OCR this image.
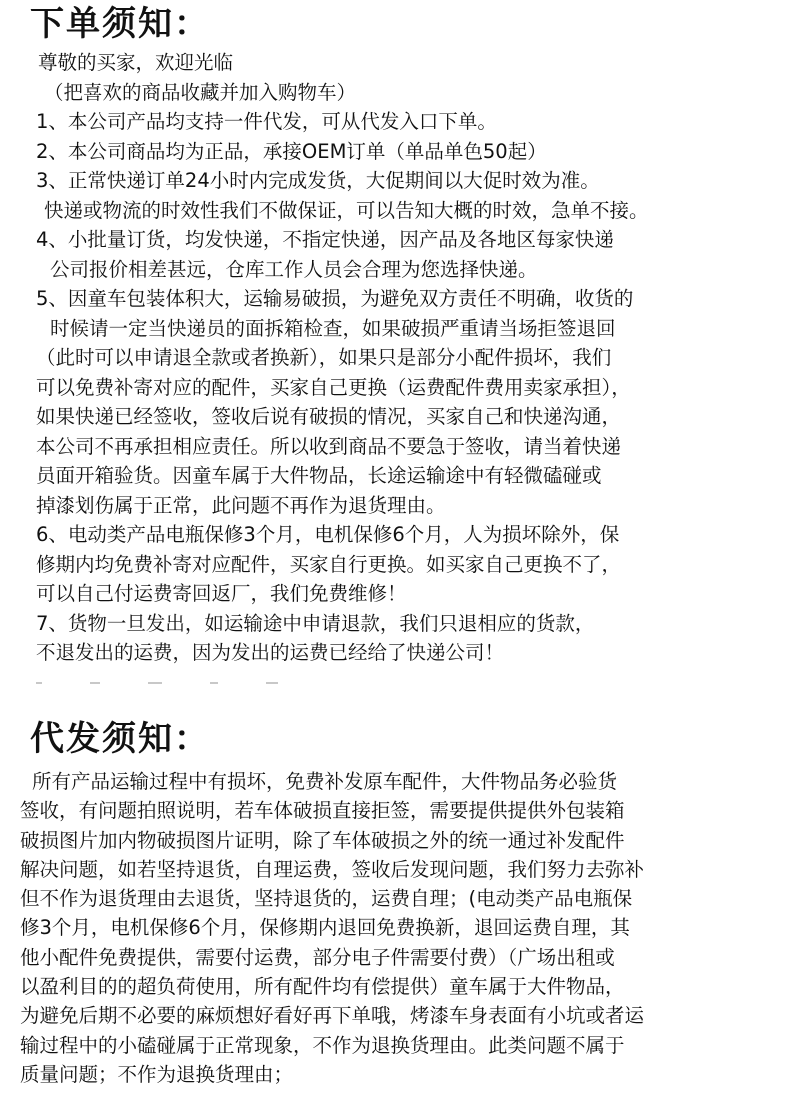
下单须知：
尊敬的买家，欢迎光临
（把喜欢的商品收藏并加入购物车）
1、本公司产品均支持一件代发，可从代发入口下单。
2、本公司商品均为正品，承接OEM订单（单品单色50起）
3、正常快递订单24小时内完成发货，大促期间以大促时效为准。
快递或物流的时效性我们不做保证，可以告知大概的时效，急单不接。
4、小批量订货，均发快递，不指定快递，因产品及各地区每家快递
公司报价相差甚远，仓库工作人员会合理为您选择快递。
5、因童车包装体积大，运输易破损，为避免双方责任不明确，收货的
时候请一定当快递员的面拆箱检查，如果破损严重请当场拒签退回
（此时可以申请退全款或者换新），如果只是部分小配件损坏，我们
可以免费补寄对应的配件，买家自己更换（运费配件费用卖家承担），
如果快递已经签收，签收后说有破损的情况，买家自己和快递沟通，
本公司不再承担相应责任。所以收到商品不要急于签收，请当着快递
员面开箱验货。因童车属于大件物品，长途运输途中有轻微磕碰或
掉漆划伤属于正常，此问题不再作为退货理由。
6、电动类产品电瓶保修3个月，电机保修6个月，人为损坏除外，保
修期内均免费补寄对应配件，买家自行更换。如买家自己更换不了，
可以自己付运费寄回返厂，我们免费维修！
7、货物一旦发出，如运输途中申请退款，我们只退相应的货款，
不退发出的运费，因为发出的运费已经给了快递公司！
代发须知：
所有产品运输过程中有损坏，免费补发原车配件，大件物品务必验货
签收，有问题拍照说明，若车体破损直接拒签，需要提供提供外包装箱
破损图片加内物破损图片证明，除了车体破损之外的统一通过补发配件
解决问题，如若坚持退货，自理运费，签收后发现问题，我们努力去弥补
但不作为退货理由去退货，坚持退货的，运费自理；(电动类产品电瓶保
修3个月，电机保修6个月，保修期内退回免费换新，退回运费自理，其
他小配件免费提供，需要付运费，部分电子件需要付费）（广场出租或
以盈利目的的超负荷使用，所有配件均有偿提供）童车属于大件物品，
为避免后期不必要的麻烦想好看好再下单哦，烤漆车身表面有小坑或者运
输过程中的小磕碰属于正常现象，不作为退换货理由。此类问题不属于
质量问题；不作为退换货理由；
